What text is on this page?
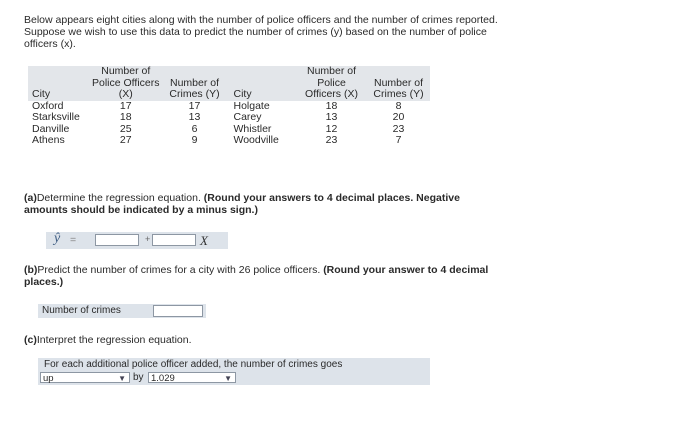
Below appears eight cities along with the number of police officers and the number of crimes reported. Suppose we wish to use this data to predict the number of crimes (y) based on the number of police officers (x).
	Number of			Number of	
	Police Officers	Number of		Police	Number of
City	(X)	Crimes (Y)	City	Officers (X)	Crimes (Y)
Oxford	17	17	Holgate	18	8
Starksville	18	13	Carey	13	20
Danville	25	6	Whistler	12	23
Athens	27	9	Woodville	23	7
(a)Determine the regression equation. (Round your answers to 4 decimal places. Negative amounts should be indicated by a minus sign.)
ŷ =	+	X
(b)Predict the number of crimes for a city with 26 police officers. (Round your answer to 4 decimal places.)
Number of crimes
(c)Interpret the regression equation.
For each additional police officer added, the number of crimes goes
up	▼ by 1.029	▼
